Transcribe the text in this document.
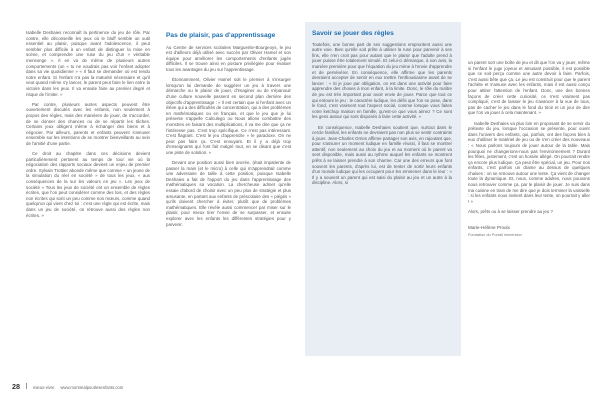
Isabelle Deshaies reconnaît la pertinence du jeu de rôle. Par contre, elle déconseille les jeux où le bluff semble un outil essentiel au plaisir, puisque avant l'adolescence, il peut sembler plus difficile à un enfant de distinguer la mise en scène, et comprendre une ruse du jeu d'un « véritable mensonge ». Il en va de même de plusieurs autres comportements (un « tu ne voudrais pas voir l'enfant adopter dans sa vie quotidienne » « Il faut se demander où est rendu notre enfant. Si l'enfant n'a pas la maturité nécessaire et qu'il veut quand même s'y lancer, le parent peut faire le lien entre la victoire dans les jeux. Il va ensuite faire au premier degré et risque de l'imiter. »

Par contre, plusieurs autres aspects peuvent être ouvertement discutés avec les enfants, non seulement à propos des règles, mais des manières de jouer, de s'accorder, de se donner des chances ou de se répartir les tâches. Certains jeux obligent même à échanger des biens et à négocier. Par ailleurs, parents et enfants peuvent s'amuser ensemble sur les intentions de se montrer bienveillants au sein de l'amitié d'une partie.

Ce droit au chapitre dans ces décisions devient particulièrement pertinent au temps de tour vie où la négociation des rapports sociaux devient un enjeu de premier ordre. Sylvain Trottier abonde même que comme « un jeune de la simulation du réel en société » de tous les jeux, « aux conséquences de la sur les valeurs en jeu ». Les jeux de société « Tous les jeux de société ont un ensemble de règles écrites, que l'on peut considérer comme des lois, et des règles non écrites qui sont un peu comme nos mœurs, comme quand quelqu'un qui vient chez toi : c'est une règle qui est écrite, mais dans un jeu de société, on rétrouve aussi des règles non écrites. »

Pas de plaisir, pas d'apprentissage

Au Centre de services scolaires Marguerite-Bourgeoys, le jeu est d'ailleurs déjà utilisé avec succès par Olivier Hamel et son équipe pour améliorer les comportements d'enfants jugés difficiles. Il se trouve ainsi en posture privilégiée pour évaluer tous les avantages du jeu sur l'apprentissage.

Étonnamment, Olivier Hamel soit le premier à s'insurger lorsqu'on lui demande de suggérer un jeu à travers une démarche ou le plaisir de jouer, d'imaginer ou de s'épanouir d'une culture nouvelle passent en second plan derrière des objectifs d'apprentissage : « Il est certain que si l'enfant avec un élève qui a des difficultés de concentration, qui a des problèmes en mathématiques ou en français, et que le jeu que je lui présente s'appelle Calculego ou Nous allons combattre des monstres en faisant des multiplications, il va me dire que ça ne l'intéresse pas. C'est trop spécifique. Ce n'est pas intéressant. C'est flagrant. C'est le jeu d'apprendre » le paradoxe. On ne peut pas faire ça. C'est ennuyant. Et il y a déjà trop d'enseignants qui l'ont fait malgré tout, en se disant que c'est une piste de solution. »

Devant une position aussi bien ancrée, (était impatiente de passer la main (et le micro) à celle qui m'apprendrait comme une adversaire de taille à cette position, puisque Isabelle Deshaies a fait de l'apport du jeu dans l'apprentissage des mathématiques sa vocation. La chercheuse admet qu'elle essaie d'abord de choisir avec un peu plus de stratégie et plus amusante, en partant aux enfants de préscolaire des « piégés » qu'ils doivent chercher à éviter, plutôt que de problèmes mathématiques. Elle révèle aussi commencer par miser sur le plaisir, pour mieux tirer l'envie de se surpasser, et ensuite explorer avec les enfants les différentes stratégies pour y parvenir.

Savoir se jouer des règles

Toutefois, une bonne part de ses suggestions empruntent aussi une autre voie. Bien qu'elle soit prête à utiliser la ruse pour parvenir à ses fins, elle n'en croit pas pour autant que le plaisir que l'adulte prend à jouer puisse être totalement simulé. Et celui-ci démarque, à son avis, la manière première pour que l'équation du jeu mène à l'envie d'apprendre et de persévérer. En conséquence, elle affirme que les parents devraient accepter de sentir en eux mettre l'enthousiasme avant de se lancer : « Si je joue par obligation, on est dans une activité pour faire apprendre des choses à mon enfant, à la limite. Donc, le rôle du maître de jeu est très important pour avoir envie de jouer. Parce que tout ce qui entoure le jeu : le caractère ludique, les défis que l'on se pose, dans le fond, c'est vraiment tout l'aspect social, comme lorsque vous faites votre ketchup maison en famille, qu'est-ce que vous aimez ? Ce sont les gens autour qui sont disposés à faire cette activité. »

En conséquence, Isabelle Deshaies soutient que, surtout dans le cercle familial, les enfants ne devraient pas non plus se sentir contraints à jouer. Jean-Charles Orries affirme partager son avis, en rajoutant que, pour s'assurer un moment ludique en famille réussi, il faut se montrer attentif, non seulement au choix du jeu et au moment où le parent va sent disponible, mais aussi au rythme auquel les enfants se montrent prêts à se laisser prendre à son charme. Car une des erreurs que font souvent les parents, d'après lui, est de tenter de sortir leurs enfants d'un monde ludique qui les occupent pour les emmener dans le leur : « Il y a souvent un parent qui est saisi du plaisir au jeu et un autre à la discipline. Alors, si

un parent sort une boîte de jeu et dit que l'on va y jouer, même si l'enfant le juge joyeux et amusant possible, il est possible que ce soit perçu comme une autre devoir à faire. Parfois, c'est aussi bête que ça. Le jeu est construit pour que le parent l'achète et s'amuse avec les enfants, mais il est aussi conçu pour attirer l'attention de l'enfant. Donc, une des bonnes façons de créer cette curiosité, ce n'est vraiment pas compliqué, c'est de laisser le jeu s'avancer à la vue de tous, pas de cacher le jeu dans le fond du tiroir et un jour de dire que l'on va jouer à cela maintenant. »

Isabelle Deshaies va plus loin en proposant de se servir du prétexte du jeu, lorsque l'occasion se présente, pour ouvrir dans l'univers des enfants, qui, parfois, ont des façons bien à eux d'utiliser le matériel de jeu ou de s'en créer des nouveaux : « Nous parlons toujours de jouer autour de la table. Mais pourquoi ne changerions-nous pas l'environnement ? Durant les fêtes, justement, c'est un horaire allégé. On pourrait rendre ça encore plus ludique. Ça peut être spécial, un jeu. Pour nos enfants, c'est parfois un drame au dessus de quelques chaises : on se retrouve autour une tente. Ça vient de changer toute la dynamique. Et, nous, comme adultes, nous pouvons nous retrouver comme ça, par le plaisir de jouer. Je suis dans ma cuisine en train de me dire que je dois terminer la vaisselle : si les enfants nous invitent dans leur tente, on pourrait y aller ! »

Alors, prêts ou à se laisser prendre au jeu ?

Marie-Hélène Proulx
Fondation du Portail immersion
28	mieux-vivre www.montrealpourlesenfants.com
